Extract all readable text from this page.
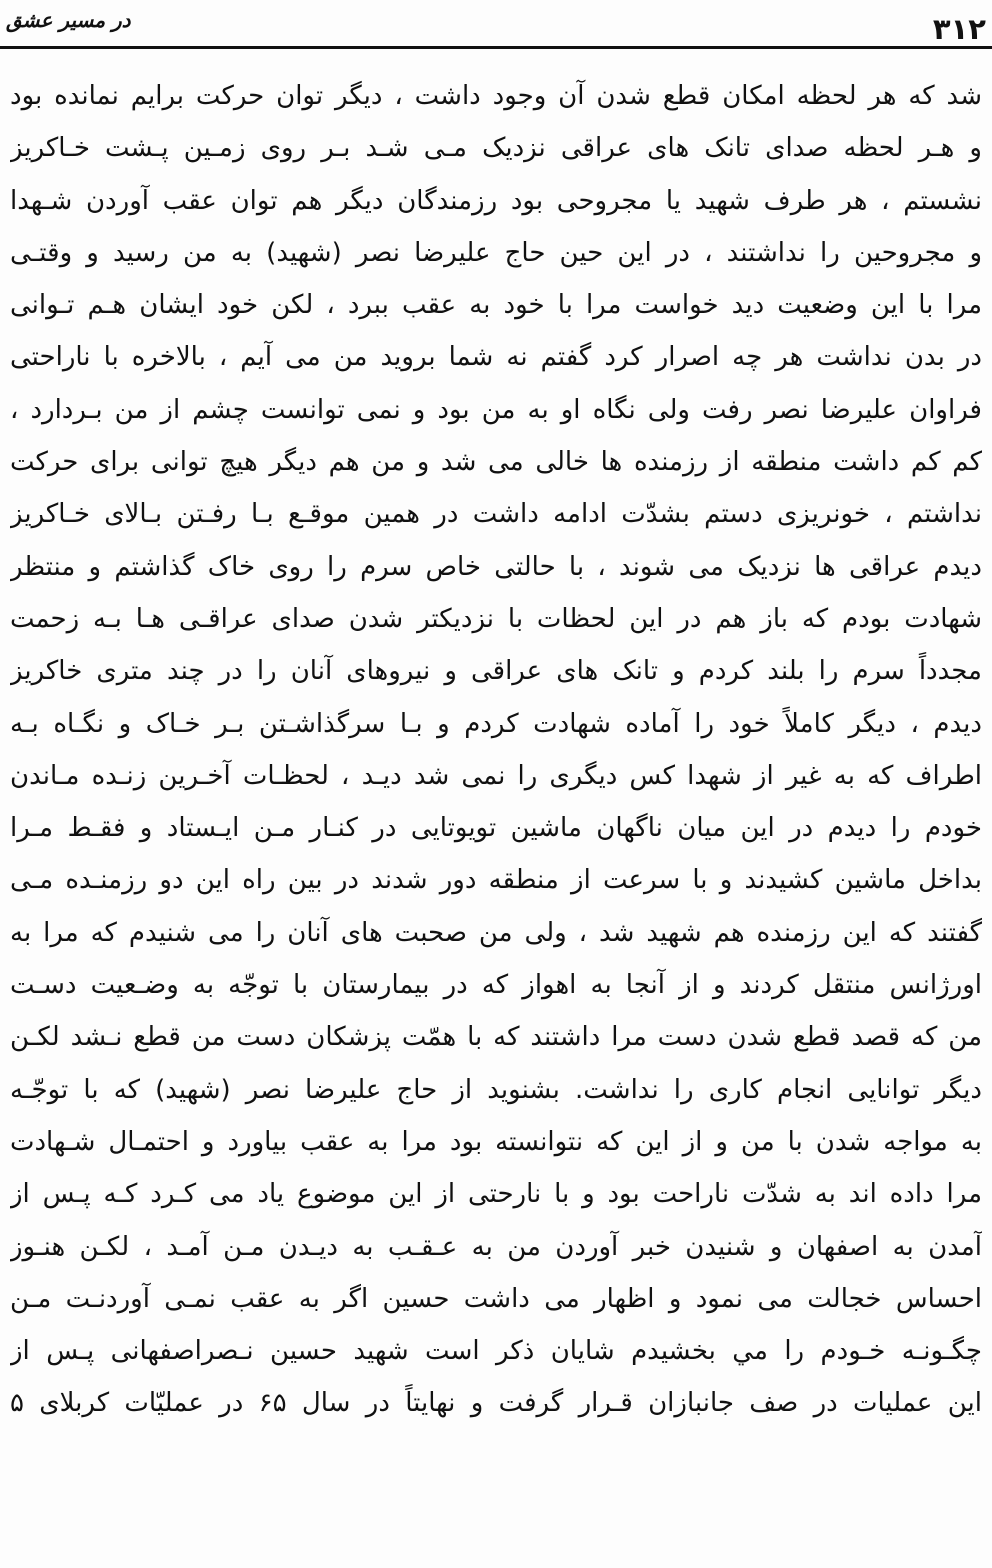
۳۱۲
در مسیر عشق
شد که هر لحظه امکان قطع شدن آن وجود داشت ، دیگر توان حرکت برایم نمانده بود
و هـر لحظه صدای تانک های عراقی نزدیک مـی شـد بـر روی زمـین پـشت خـاکریز
نشستم ، هر طرف شهید یا مجروحی بود رزمندگان دیگر هم توان عقب آوردن شـهدا
و مجروحین را نداشتند ، در این حین حاج علیرضا نصر (شهید) به من رسید و وقتـی
مرا با این وضعیت دید خواست مرا با خود به عقب ببرد ، لکن خود ایشان هـم تـوانی
در بدن نداشت هر چه اصرار کرد گفتم نه شما بروید من می آیم ، بالاخره با ناراحتی
فراوان علیرضا نصر رفت ولی نگاه او به من بود و نمی توانست چشم از من بـردارد ،
کم کم داشت منطقه از رزمنده ها خالی می شد و من هم دیگر هیچ توانی برای حرکت
نداشتم ، خونریزی دستم بشدّت ادامه داشت در همین موقـع بـا رفـتن بـالای خـاکریز
دیدم عراقی ها نزدیک می شوند ، با حالتی خاص سرم را روی خاک گذاشتم و منتظر
شهادت بودم که باز هم در این لحظات با نزدیکتر شدن صدای عراقـی هـا بـه زحمت
مجدداً سرم را بلند کردم و تانک های عراقی و نیروهای آنان را در چند متری خاکریز
دیدم ، دیگر کاملاً خود را آماده شهادت کردم و بـا سرگذاشـتن بـر خـاک و نگـاه بـه
اطراف که به غیر از شهدا کس دیگری را نمی شد دیـد ، لحظـات آخـرین زنـده مـاندن
خودم را دیدم در این میان ناگهان ماشین تویوتایی در کنـار مـن ایـستاد و فقـط مـرا
بداخل ماشین کشیدند و با سرعت از منطقه دور شدند در بین راه این دو رزمنـده مـی
گفتند که این رزمنده هم شهید شد ، ولی من صحبت های آنان را می شنیدم که مرا به
اورژانس منتقل کردند و از آنجا به اهواز که در بیمارستان با توجّه به وضـعیت دسـت
من که قصد قطع شدن دست مرا داشتند که با همّت پزشکان دست من قطع نـشد لکـن
دیگر توانایی انجام کاری را نداشت. بشنوید از حاج علیرضا نصر (شهید) که با توجّـه
به مواجه شدن با من و از این که نتوانسته بود مرا به عقب بیاورد و احتمـال شـهادت
مرا داده اند به شدّت ناراحت بود و با نارحتی از این موضوع یاد می کـرد کـه پـس از
آمدن به اصفهان و شنیدن خبر آوردن من به عـقـب به دیـدن مـن آمـد ، لکـن هنـوز
احساس خجالت می نمود و اظهار می داشت حسین اگر به عقب نمـی آوردنـت مـن
چگـونـه خـودم را مي بخشيدم شایان ذکر است شهید حسین نـصراصفهانی پـس از
این عملیات در صف جانبازان قـرار گرفت و نهایتاً در سال ۶۵ در عملیّات کربلای ۵
